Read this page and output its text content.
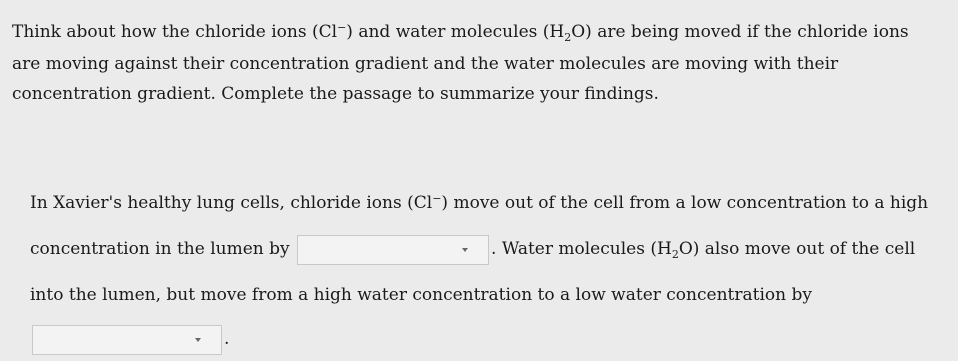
Think about how the chloride ions (Cl−) and water molecules $(H_2O)$ are being moved if the chloride ions are moving against their concentration gradient and the water molecules are moving with their concentration gradient. Complete the passage to summarize your findings.
In Xavier's healthy lung cells, chloride ions (Cl−) move out of the cell from a low concentration to a high concentration in the lumen by	. Water molecules $(H_2O)$ also move out of the cell into the lumen, but move from a high water concentration to a low water concentration by
.
